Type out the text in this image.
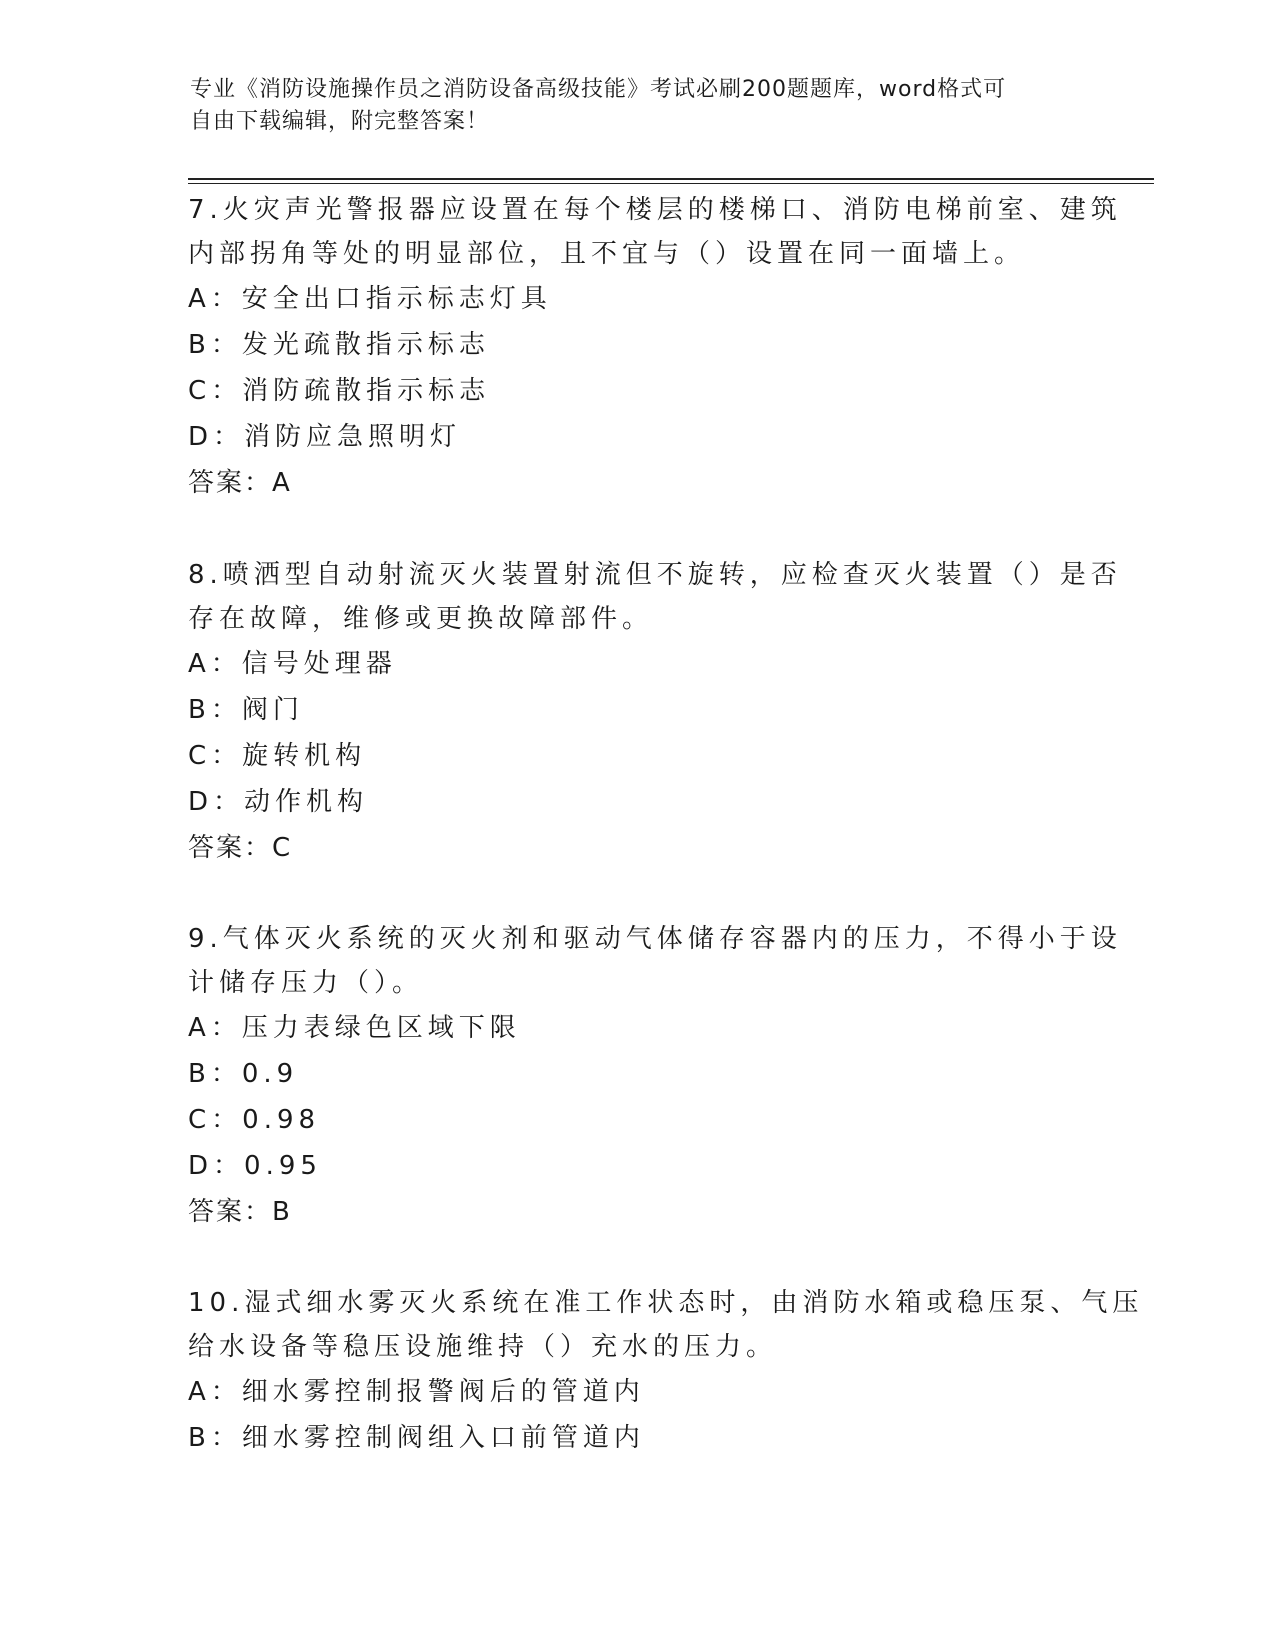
专业《消防设施操作员之消防设备高级技能》考试必刷200题题库，word格式可
自由下载编辑，附完整答案！
7.火灾声光警报器应设置在每个楼层的楼梯口、消防电梯前室、建筑
内部拐角等处的明显部位，且不宜与（）设置在同一面墙上。
A：安全出口指示标志灯具
B：发光疏散指示标志
C：消防疏散指示标志
D：消防应急照明灯
答案：A
8.喷洒型自动射流灭火装置射流但不旋转，应检查灭火装置（）是否
存在故障，维修或更换故障部件。
A：信号处理器
B：阀门
C：旋转机构
D：动作机构
答案：C
9.气体灭火系统的灭火剂和驱动气体储存容器内的压力，不得小于设
计储存压力（）。
A：压力表绿色区域下限
B：0.9
C：0.98
D：0.95
答案：B
10.湿式细水雾灭火系统在准工作状态时，由消防水箱或稳压泵、气压
给水设备等稳压设施维持（）充水的压力。
A：细水雾控制报警阀后的管道内
B：细水雾控制阀组入口前管道内
